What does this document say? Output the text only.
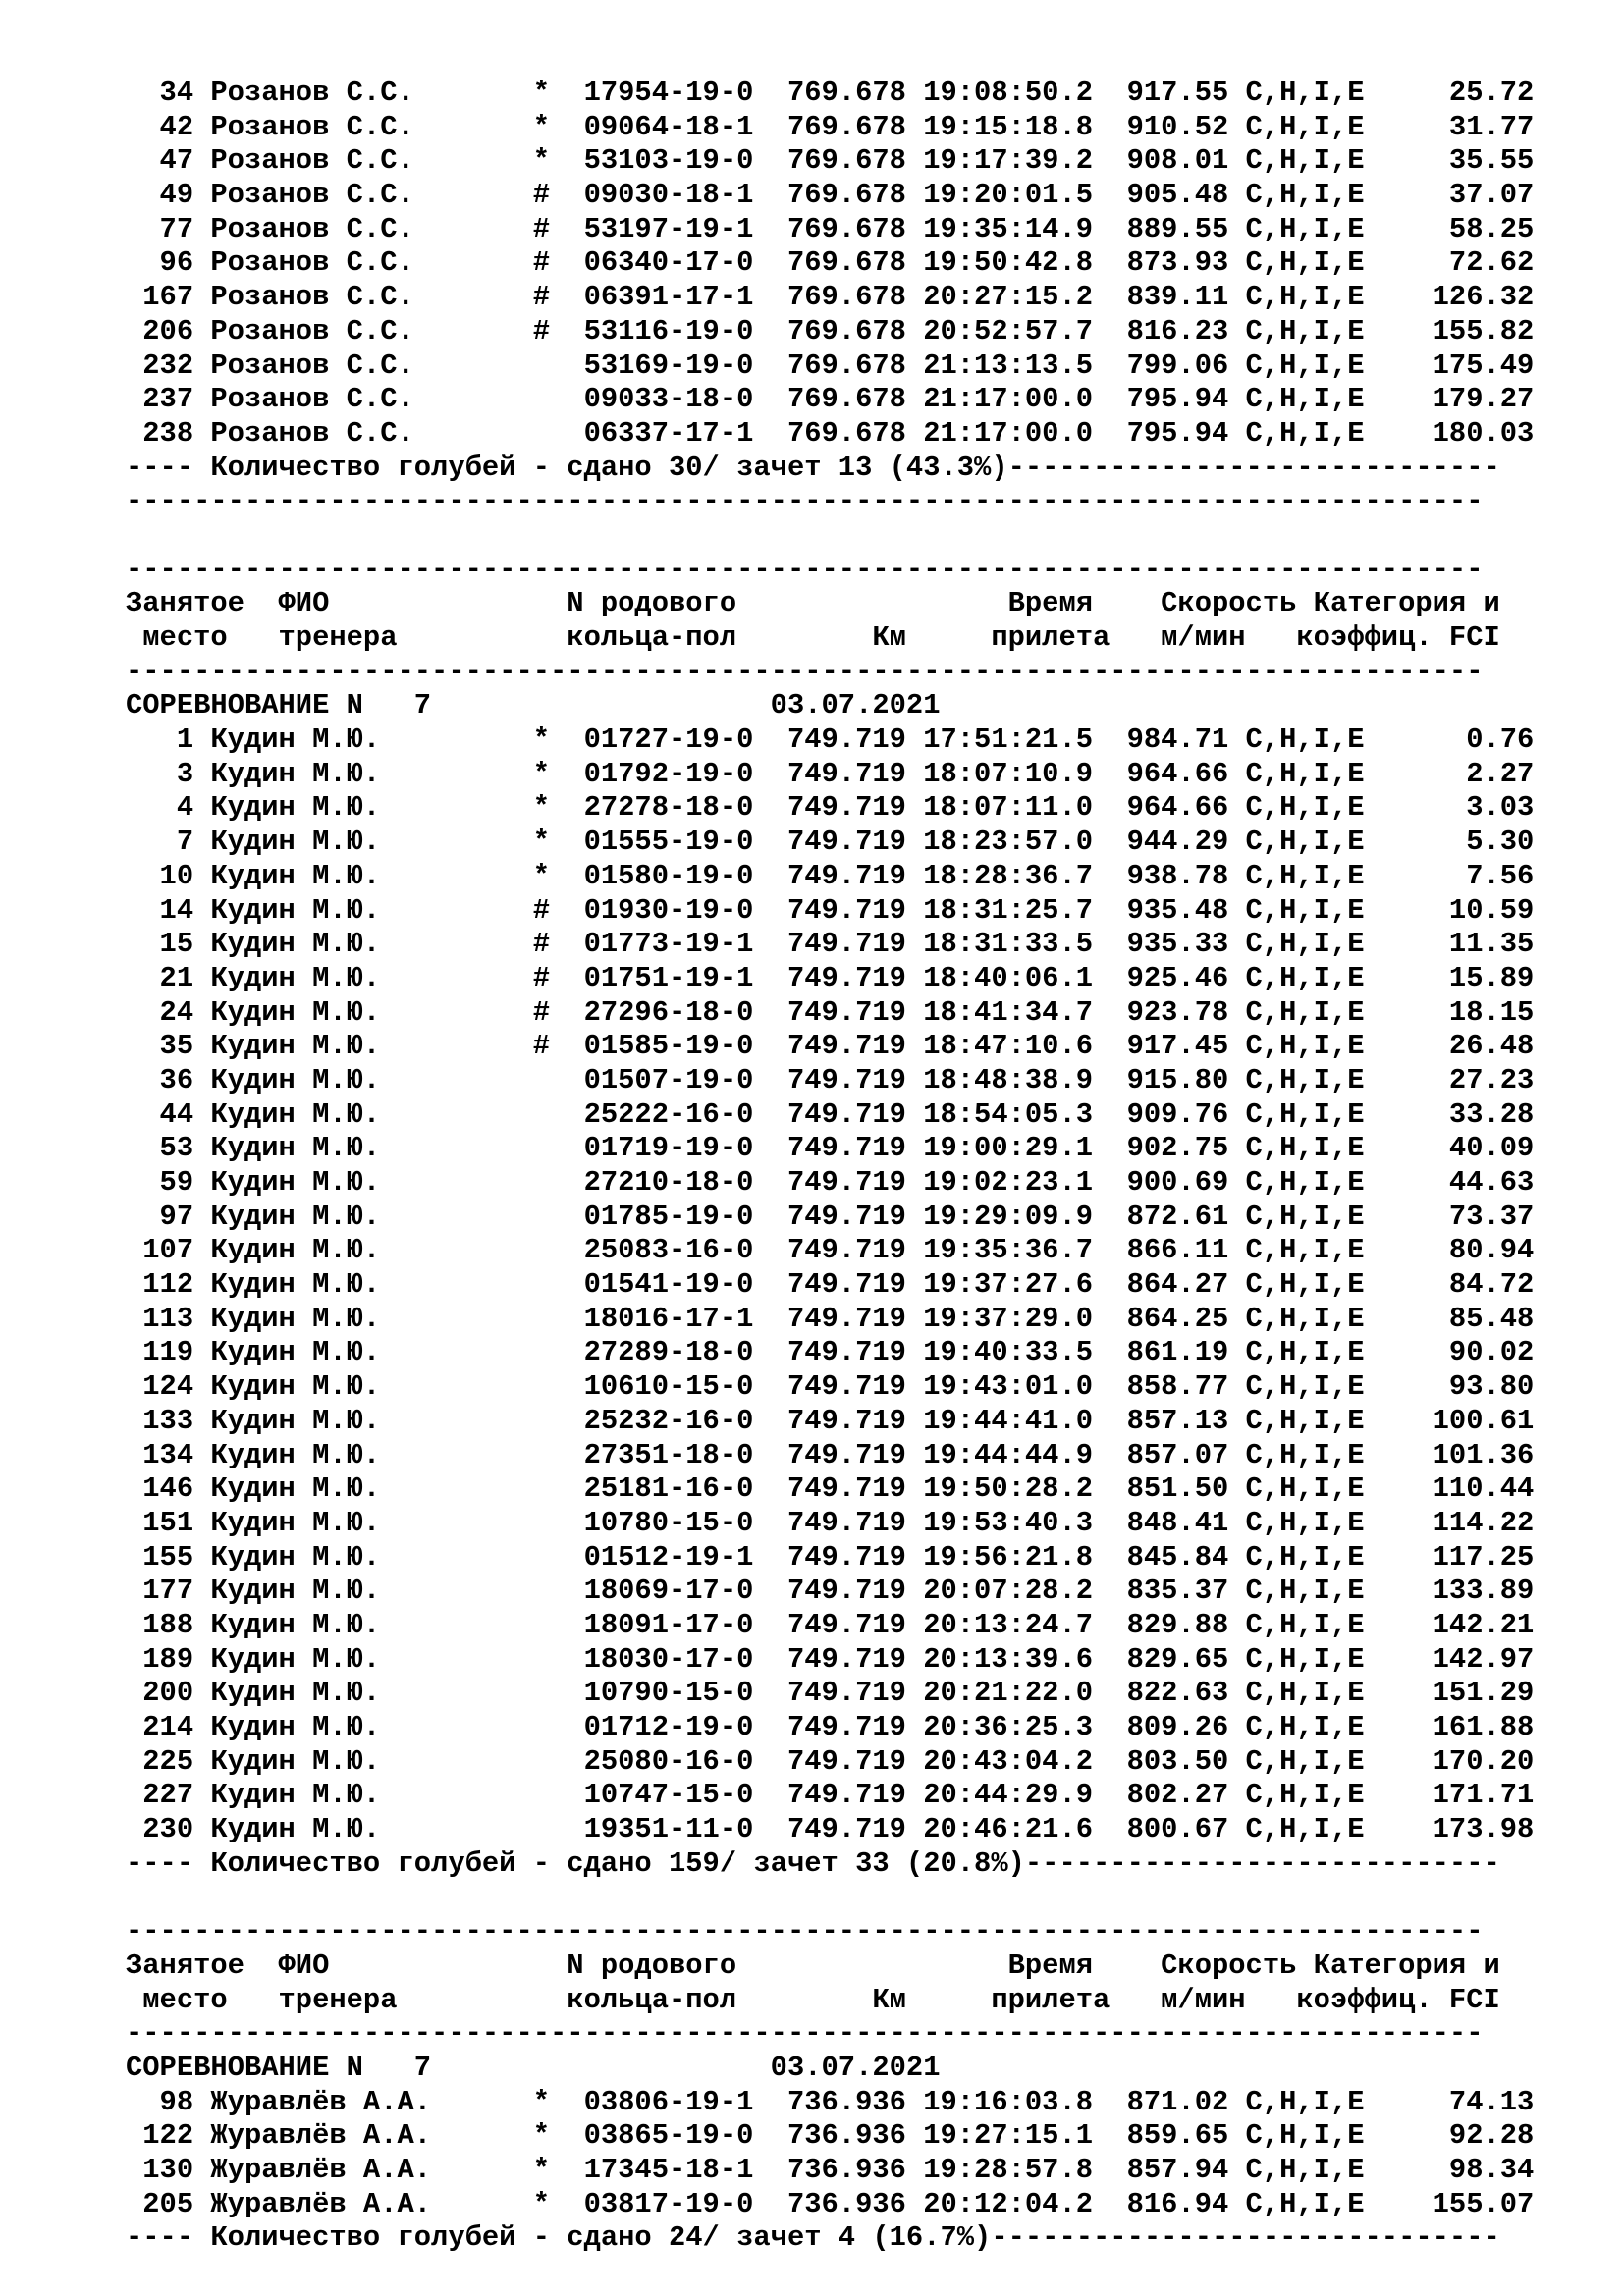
34 Розанов С.С.       *  17954-19-0  769.678 19:08:50.2  917.55 C,H,I,E     25.72
42 Розанов С.С.       *  09064-18-1  769.678 19:15:18.8  910.52 C,H,I,E     31.77
47 Розанов С.С.       *  53103-19-0  769.678 19:17:39.2  908.01 C,H,I,E     35.55
49 Розанов С.С.       #  09030-18-1  769.678 19:20:01.5  905.48 C,H,I,E     37.07
77 Розанов С.С.       #  53197-19-1  769.678 19:35:14.9  889.55 C,H,I,E     58.25
96 Розанов С.С.       #  06340-17-0  769.678 19:50:42.8  873.93 C,H,I,E     72.62
167 Розанов С.С.       #  06391-17-1  769.678 20:27:15.2  839.11 C,H,I,E    126.32
206 Розанов С.С.       #  53116-19-0  769.678 20:52:57.7  816.23 C,H,I,E    155.82
232 Розанов С.С.          53169-19-0  769.678 21:13:13.5  799.06 C,H,I,E    175.49
237 Розанов С.С.          09033-18-0  769.678 21:17:00.0  795.94 C,H,I,E    179.27
238 Розанов С.С.          06337-17-1  769.678 21:17:00.0  795.94 C,H,I,E    180.03
---- Количество голубей - сдано 30/ зачет 13 (43.3%)-----------------------------
--------------------------------------------------------------------------------
--------------------------------------------------------------------------------
Занятое  ФИО              N родового                Время    Скорость Категория и
место   тренера          кольца-пол        Км     прилета   м/мин   коэффиц. FCI
--------------------------------------------------------------------------------
СОРЕВНОВАНИЕ N   7                    03.07.2021
1 Кудин М.Ю.         *  01727-19-0  749.719 17:51:21.5  984.71 C,H,I,E      0.76
3 Кудин М.Ю.         *  01792-19-0  749.719 18:07:10.9  964.66 C,H,I,E      2.27
4 Кудин М.Ю.         *  27278-18-0  749.719 18:07:11.0  964.66 C,H,I,E      3.03
7 Кудин М.Ю.         *  01555-19-0  749.719 18:23:57.0  944.29 C,H,I,E      5.30
10 Кудин М.Ю.         *  01580-19-0  749.719 18:28:36.7  938.78 C,H,I,E      7.56
14 Кудин М.Ю.         #  01930-19-0  749.719 18:31:25.7  935.48 C,H,I,E     10.59
15 Кудин М.Ю.         #  01773-19-1  749.719 18:31:33.5  935.33 C,H,I,E     11.35
21 Кудин М.Ю.         #  01751-19-1  749.719 18:40:06.1  925.46 C,H,I,E     15.89
24 Кудин М.Ю.         #  27296-18-0  749.719 18:41:34.7  923.78 C,H,I,E     18.15
35 Кудин М.Ю.         #  01585-19-0  749.719 18:47:10.6  917.45 C,H,I,E     26.48
36 Кудин М.Ю.            01507-19-0  749.719 18:48:38.9  915.80 C,H,I,E     27.23
44 Кудин М.Ю.            25222-16-0  749.719 18:54:05.3  909.76 C,H,I,E     33.28
53 Кудин М.Ю.            01719-19-0  749.719 19:00:29.1  902.75 C,H,I,E     40.09
59 Кудин М.Ю.            27210-18-0  749.719 19:02:23.1  900.69 C,H,I,E     44.63
97 Кудин М.Ю.            01785-19-0  749.719 19:29:09.9  872.61 C,H,I,E     73.37
107 Кудин М.Ю.            25083-16-0  749.719 19:35:36.7  866.11 C,H,I,E     80.94
112 Кудин М.Ю.            01541-19-0  749.719 19:37:27.6  864.27 C,H,I,E     84.72
113 Кудин М.Ю.            18016-17-1  749.719 19:37:29.0  864.25 C,H,I,E     85.48
119 Кудин М.Ю.            27289-18-0  749.719 19:40:33.5  861.19 C,H,I,E     90.02
124 Кудин М.Ю.            10610-15-0  749.719 19:43:01.0  858.77 C,H,I,E     93.80
133 Кудин М.Ю.            25232-16-0  749.719 19:44:41.0  857.13 C,H,I,E    100.61
134 Кудин М.Ю.            27351-18-0  749.719 19:44:44.9  857.07 C,H,I,E    101.36
146 Кудин М.Ю.            25181-16-0  749.719 19:50:28.2  851.50 C,H,I,E    110.44
151 Кудин М.Ю.            10780-15-0  749.719 19:53:40.3  848.41 C,H,I,E    114.22
155 Кудин М.Ю.            01512-19-1  749.719 19:56:21.8  845.84 C,H,I,E    117.25
177 Кудин М.Ю.            18069-17-0  749.719 20:07:28.2  835.37 C,H,I,E    133.89
188 Кудин М.Ю.            18091-17-0  749.719 20:13:24.7  829.88 C,H,I,E    142.21
189 Кудин М.Ю.            18030-17-0  749.719 20:13:39.6  829.65 C,H,I,E    142.97
200 Кудин М.Ю.            10790-15-0  749.719 20:21:22.0  822.63 C,H,I,E    151.29
214 Кудин М.Ю.            01712-19-0  749.719 20:36:25.3  809.26 C,H,I,E    161.88
225 Кудин М.Ю.            25080-16-0  749.719 20:43:04.2  803.50 C,H,I,E    170.20
227 Кудин М.Ю.            10747-15-0  749.719 20:44:29.9  802.27 C,H,I,E    171.71
230 Кудин М.Ю.            19351-11-0  749.719 20:46:21.6  800.67 C,H,I,E    173.98
---- Количество голубей - сдано 159/ зачет 33 (20.8%)----------------------------
--------------------------------------------------------------------------------
Занятое  ФИО              N родового                Время    Скорость Категория и
место   тренера          кольца-пол        Км     прилета   м/мин   коэффиц. FCI
--------------------------------------------------------------------------------
СОРЕВНОВАНИЕ N   7                    03.07.2021
98 Журавлёв А.А.      *  03806-19-1  736.936 19:16:03.8  871.02 C,H,I,E     74.13
122 Журавлёв А.А.      *  03865-19-0  736.936 19:27:15.1  859.65 C,H,I,E     92.28
130 Журавлёв А.А.      *  17345-18-1  736.936 19:28:57.8  857.94 C,H,I,E     98.34
205 Журавлёв А.А.      *  03817-19-0  736.936 20:12:04.2  816.94 C,H,I,E    155.07
---- Количество голубей - сдано 24/ зачет 4 (16.7%)------------------------------
